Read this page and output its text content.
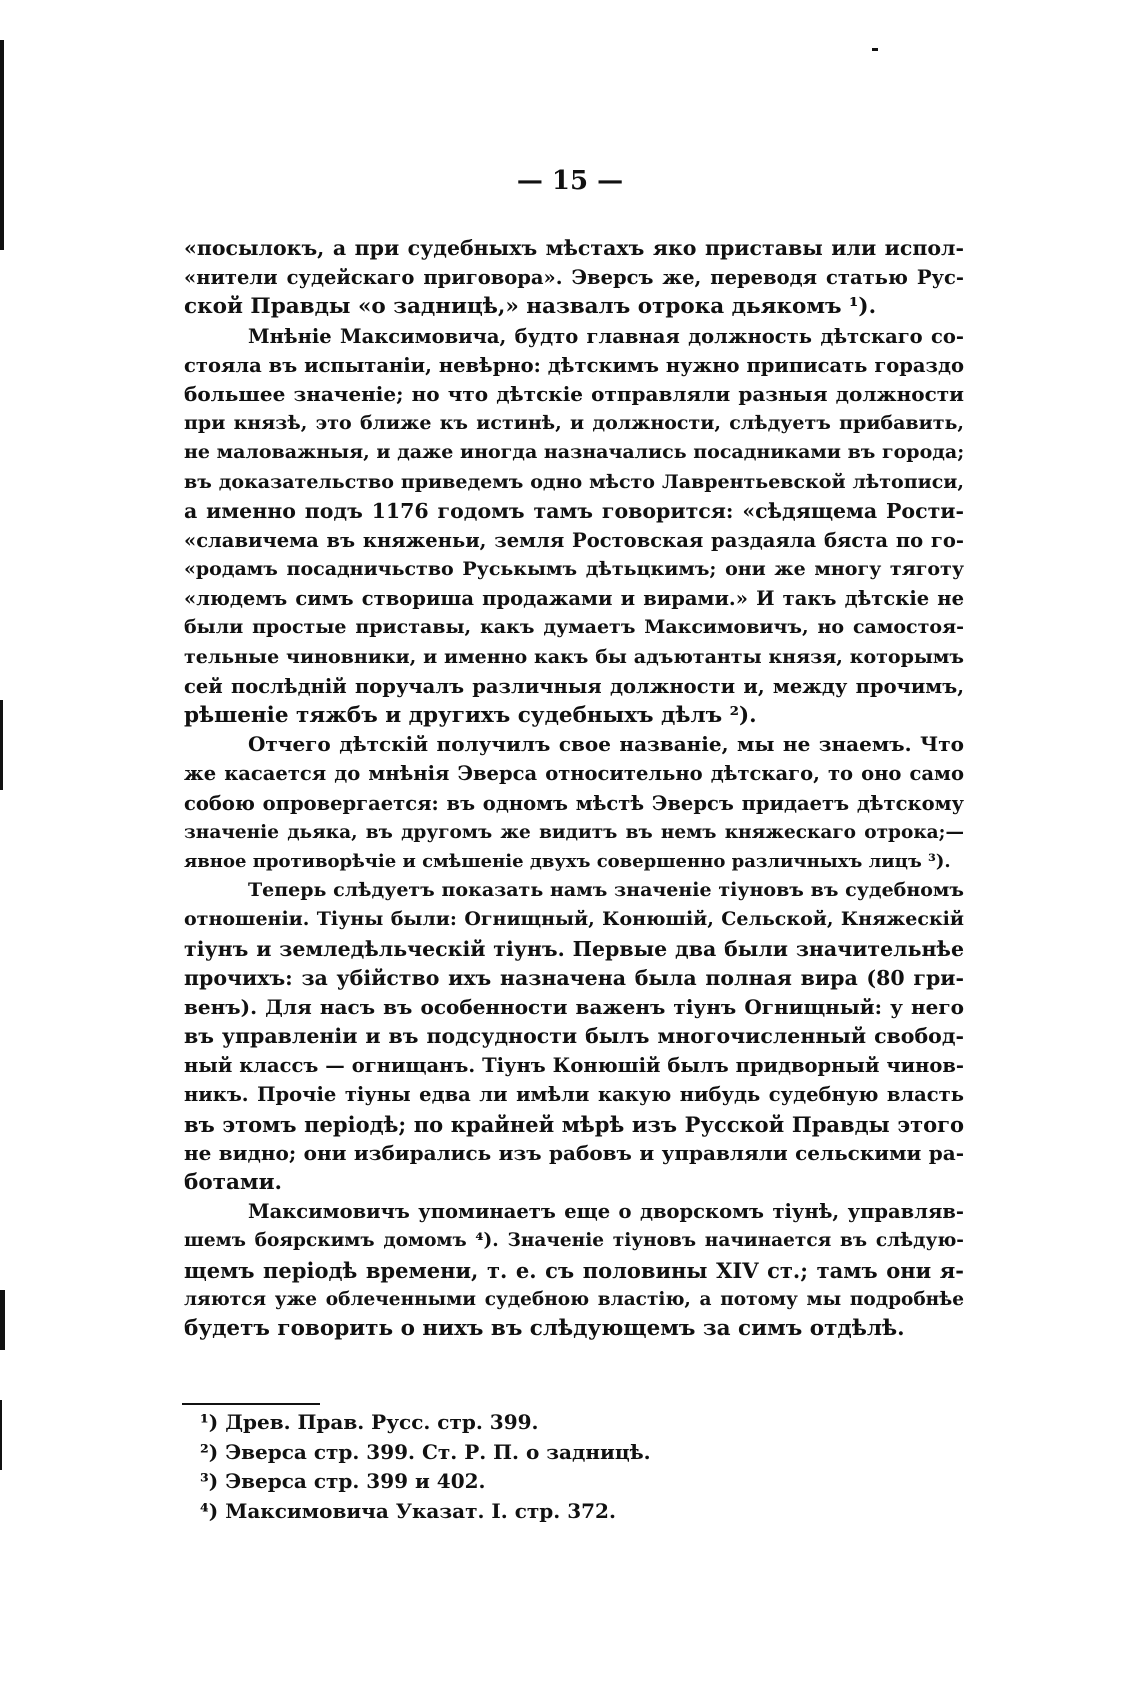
— 15 —
«посылокъ, а при судебныхъ мѣстахъ яко приставы или испол-
«нители судейскаго приговора». Эверсъ же, переводя статью Рус-
ской Правды «о задницѣ,» назвалъ отрока дьякомъ ¹).
Мнѣніе Максимовича, будто главная должность дѣтскаго со-
стояла въ испытаніи, невѣрно: дѣтскимъ нужно приписать гораздо
большее значеніе; но что дѣтскіе отправляли разныя должности
при князѣ, это ближе къ истинѣ, и должности, слѣдуетъ прибавить,
не маловажныя, и даже иногда назначались посадниками въ города;
въ доказательство приведемъ одно мѣсто Лаврентьевской лѣтописи,
а именно подъ 1176 годомъ тамъ говорится: «сѣдящема Рости-
«славичема въ княженьи, земля Ростовская раздаяла бяста по го-
«родамъ посадничьство Руськымъ дѣтьцкимъ; они же многу тяготу
«людемъ симъ створиша продажами и вирами.» И такъ дѣтскіе не
были простые приставы, какъ думаетъ Максимовичъ, но самостоя-
тельные чиновники, и именно какъ бы адъютанты князя, которымъ
сей послѣдній поручалъ различныя должности и, между прочимъ,
рѣшеніе тяжбъ и другихъ судебныхъ дѣлъ ²).
Отчего дѣтскій получилъ свое названіе, мы не знаемъ. Что
же касается до мнѣнія Эверса относительно дѣтскаго, то оно само
собою опровергается: въ одномъ мѣстѣ Эверсъ придаетъ дѣтскому
значеніе дьяка, въ другомъ же видитъ въ немъ княжескаго отрока;—
явное противорѣчіе и смѣшеніе двухъ совершенно различныхъ лицъ ³).
Теперь слѣдуетъ показать намъ значеніе тіуновъ въ судебномъ
отношеніи. Тіуны были: Огнищный, Конюшій, Сельской, Княжескій
тіунъ и земледѣльческій тіунъ. Первые два были значительнѣе
прочихъ: за убійство ихъ назначена была полная вира (80 гри-
венъ). Для насъ въ особенности важенъ тіунъ Огнищный: у него
въ управленіи и въ подсудности былъ многочисленный свобод-
ный классъ — огнищанъ. Тіунъ Конюшій былъ придворный чинов-
никъ. Прочіе тіуны едва ли имѣли какую нибудь судебную власть
въ этомъ періодѣ; по крайней мѣрѣ изъ Русской Правды этого
не видно; они избирались изъ рабовъ и управляли сельскими ра-
ботами.
Максимовичъ упоминаетъ еще о дворскомъ тіунѣ, управляв-
шемъ боярскимъ домомъ ⁴). Значеніе тіуновъ начинается въ слѣдую-
щемъ періодѣ времени, т. е. съ половины XIV ст.; тамъ они я-
ляются уже облеченными судебною властію, а потому мы подробнѣе
будетъ говорить о нихъ въ слѣдующемъ за симъ отдѣлѣ.
¹) Древ. Прав. Русс. стр. 399.
²) Эверса стр. 399. Ст. Р. П. о задницѣ.
³) Эверса стр. 399 и 402.
⁴) Максимовича Указат. I. стр. 372.
